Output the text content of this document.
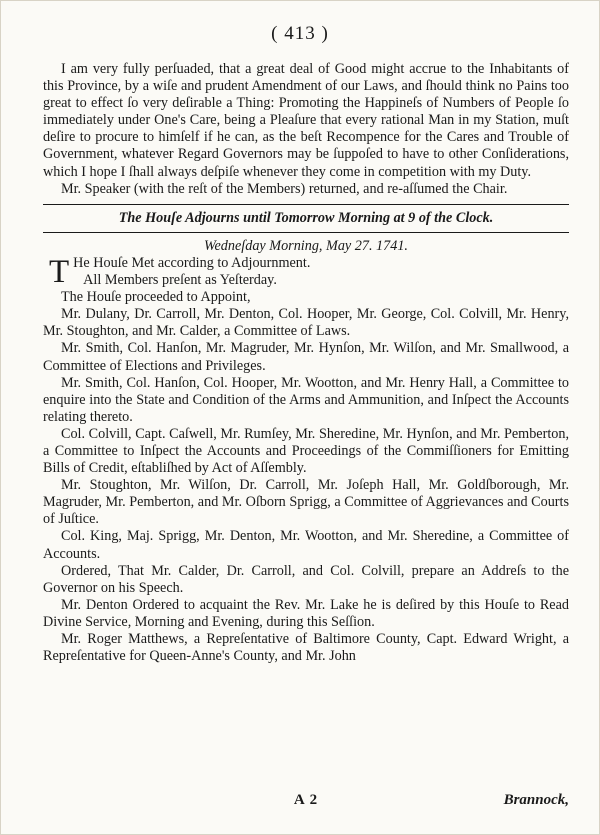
( 413 )

I am very fully perſuaded, that a great deal of Good might accrue to the Inhabitants of this Province, by a wiſe and prudent Amendment of our Laws, and ſhould think no Pains too great to effect ſo very deſirable a Thing: Promoting the Happineſs of Numbers of People ſo immediately under One's Care, being a Pleaſure that every rational Man in my Station, muſt deſire to procure to himſelf if he can, as the beſt Recompence for the Cares and Trouble of Government, whatever Regard Governors may be ſuppoſed to have to other Conſiderations, which I hope I ſhall always deſpiſe whenever they come in competition with my Duty.

Mr. Speaker (with the reſt of the Members) returned, and re-aſſumed the Chair.

The Houſe Adjourns until Tomorrow Morning at 9 of the Clock.

Wedneſday Morning, May 27. 1741.

T He Houſe Met according to Adjournment.
All Members preſent as Yeſterday.

The Houſe proceeded to Appoint,

Mr. Dulany, Dr. Carroll, Mr. Denton, Col. Hooper, Mr. George, Col. Colvill, Mr. Henry, Mr. Stoughton, and Mr. Calder, a Committee of Laws.

Mr. Smith, Col. Hanſon, Mr. Magruder, Mr. Hynſon, Mr. Wilſon, and Mr. Smallwood, a Committee of Elections and Privileges.

Mr. Smith, Col. Hanſon, Col. Hooper, Mr. Wootton, and Mr. Henry Hall, a Committee to enquire into the State and Condition of the Arms and Ammunition, and Inſpect the Accounts relating thereto.

Col. Colvill, Capt. Caſwell, Mr. Rumſey, Mr. Sheredine, Mr. Hynſon, and Mr. Pemberton, a Committee to Inſpect the Accounts and Proceedings of the Commiſſioners for Emitting Bills of Credit, eſtabliſhed by Act of Aſſembly.

Mr. Stoughton, Mr. Wilſon, Dr. Carroll, Mr. Joſeph Hall, Mr. Goldſborough, Mr. Magruder, Mr. Pemberton, and Mr. Oſborn Sprigg, a Committee of Aggrievances and Courts of Juſtice.

Col. King, Maj. Sprigg, Mr. Denton, Mr. Wootton, and Mr. Sheredine, a Committee of Accounts.

Ordered, That Mr. Calder, Dr. Carroll, and Col. Colvill, prepare an Addreſs to the Governor on his Speech.

Mr. Denton Ordered to acquaint the Rev. Mr. Lake he is deſired by this Houſe to Read Divine Service, Morning and Evening, during this Seſſion.

Mr. Roger Matthews, a Repreſentative of Baltimore County, Capt. Edward Wright, a Repreſentative for Queen-Anne's County, and Mr. John

A 2	Brannock,
